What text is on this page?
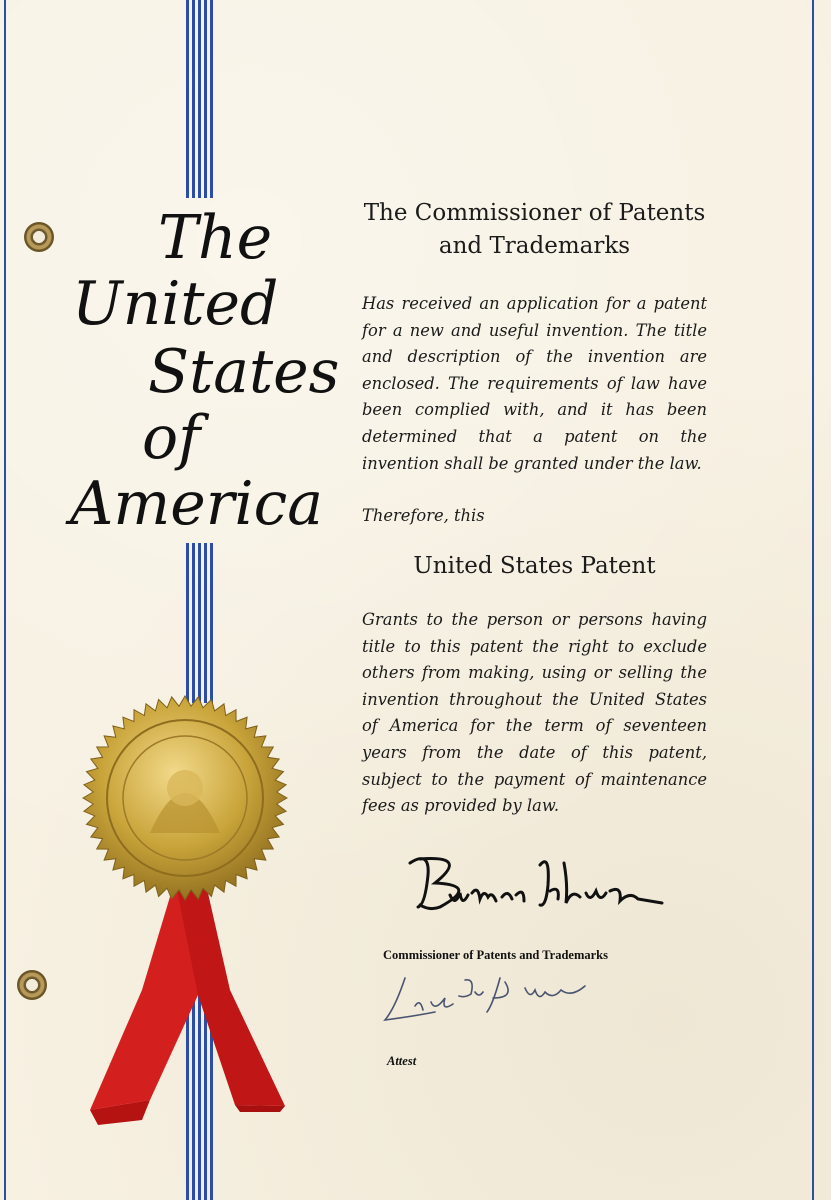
The
United
States
of
America
The Commissioner of Patents
and Trademarks
Has received an application for a patent for a new and useful invention. The title and description of the invention are enclosed. The requirements of law have been complied with, and it has been determined that a patent on the invention shall be granted under the law.
Therefore, this
United States Patent
Grants to the person or persons having title to this patent the right to exclude others from making, using or selling the invention throughout the United States of America for the term of seventeen years from the date of this patent, subject to the payment of maintenance fees as provided by law.
Commissioner of Patents and Trademarks
Attest
